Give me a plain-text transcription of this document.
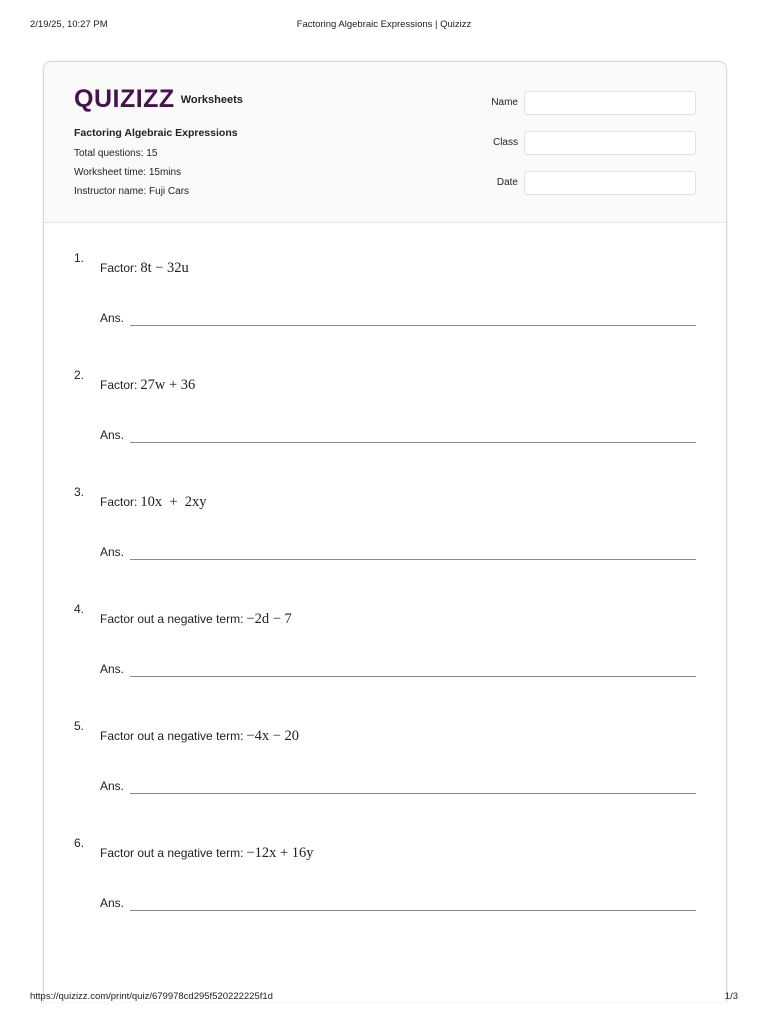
2/19/25, 10:27 PM	Factoring Algebraic Expressions | Quizizz
QUIZIZZ Worksheets
Factoring Algebraic Expressions
Total questions: 15
Worksheet time: 15mins
Instructor name: Fuji Cars
Name
Class
Date
1.
Factor: 8t − 32u
Ans.
2.
Factor: 27w + 36
Ans.
3.
Factor: 10x  +  2xy
Ans.
4.
Factor out a negative term: −2d − 7
Ans.
5.
Factor out a negative term: −4x − 20
Ans.
6.
Factor out a negative term: −12x + 16y
Ans.
https://quizizz.com/print/quiz/679978cd295f520222225f1d	1/3
